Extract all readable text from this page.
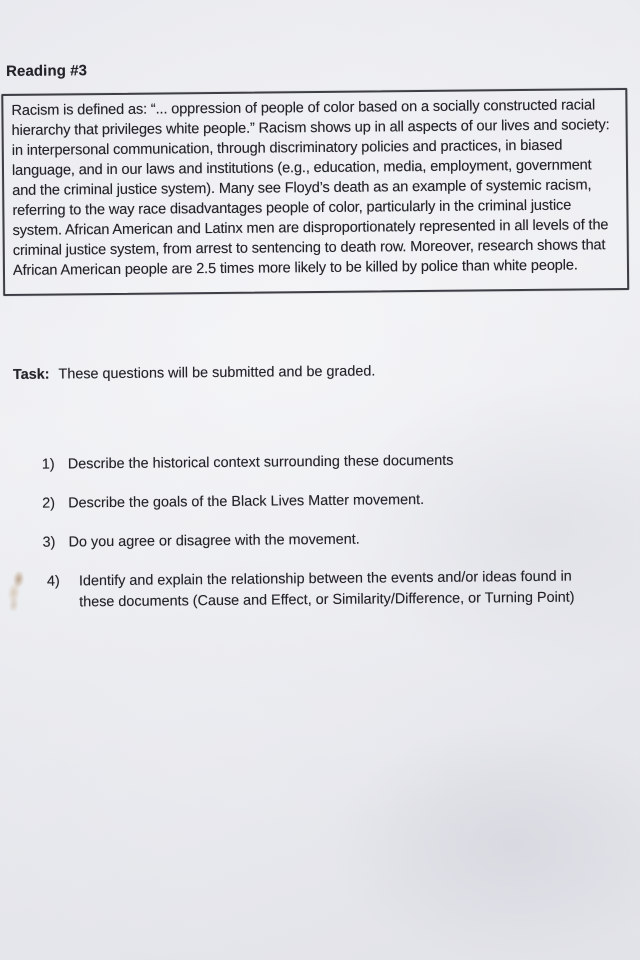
Reading #3

Racism is defined as: “... oppression of people of color based on a socially constructed racial hierarchy that privileges white people.” Racism shows up in all aspects of our lives and society: in interpersonal communication, through discriminatory policies and practices, in biased language, and in our laws and institutions (e.g., education, media, employment, government and the criminal justice system). Many see Floyd’s death as an example of systemic racism, referring to the way race disadvantages people of color, particularly in the criminal justice system. African American and Latinx men are disproportionately represented in all levels of the criminal justice system, from arrest to sentencing to death row. Moreover, research shows that African American people are 2.5 times more likely to be killed by police than white people.

Task: These questions will be submitted and be graded.

1) Describe the historical context surrounding these documents
2) Describe the goals of the Black Lives Matter movement.
3) Do you agree or disagree with the movement.
4)	Identify and explain the relationship between the events and/or ideas found in these documents (Cause and Effect, or Similarity/Difference, or Turning Point)
